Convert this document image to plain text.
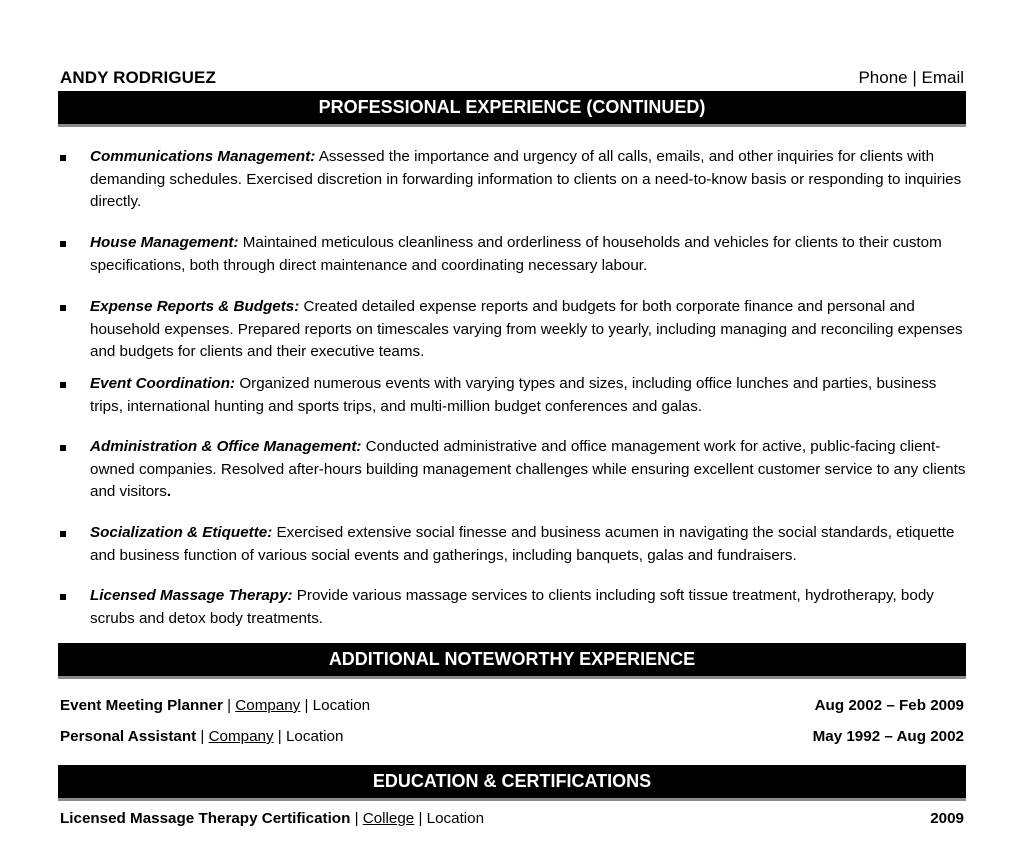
ANDY RODRIGUEZ	Phone | Email
PROFESSIONAL EXPERIENCE (CONTINUED)
Communications Management: Assessed the importance and urgency of all calls, emails, and other inquiries for clients with demanding schedules. Exercised discretion in forwarding information to clients on a need-to-know basis or responding to inquiries directly.
House Management: Maintained meticulous cleanliness and orderliness of households and vehicles for clients to their custom specifications, both through direct maintenance and coordinating necessary labour.
Expense Reports & Budgets: Created detailed expense reports and budgets for both corporate finance and personal and household expenses. Prepared reports on timescales varying from weekly to yearly, including managing and reconciling expenses and budgets for clients and their executive teams.
Event Coordination: Organized numerous events with varying types and sizes, including office lunches and parties, business trips, international hunting and sports trips, and multi-million budget conferences and galas.
Administration & Office Management: Conducted administrative and office management work for active, public-facing client-owned companies. Resolved after-hours building management challenges while ensuring excellent customer service to any clients and visitors.
Socialization & Etiquette: Exercised extensive social finesse and business acumen in navigating the social standards, etiquette and business function of various social events and gatherings, including banquets, galas and fundraisers.
Licensed Massage Therapy: Provide various massage services to clients including soft tissue treatment, hydrotherapy, body scrubs and detox body treatments.
ADDITIONAL NOTEWORTHY EXPERIENCE
Event Meeting Planner | Company | Location	Aug 2002 – Feb 2009
Personal Assistant | Company | Location	May 1992 – Aug 2002
EDUCATION & CERTIFICATIONS
Licensed Massage Therapy Certification | College | Location	2009
